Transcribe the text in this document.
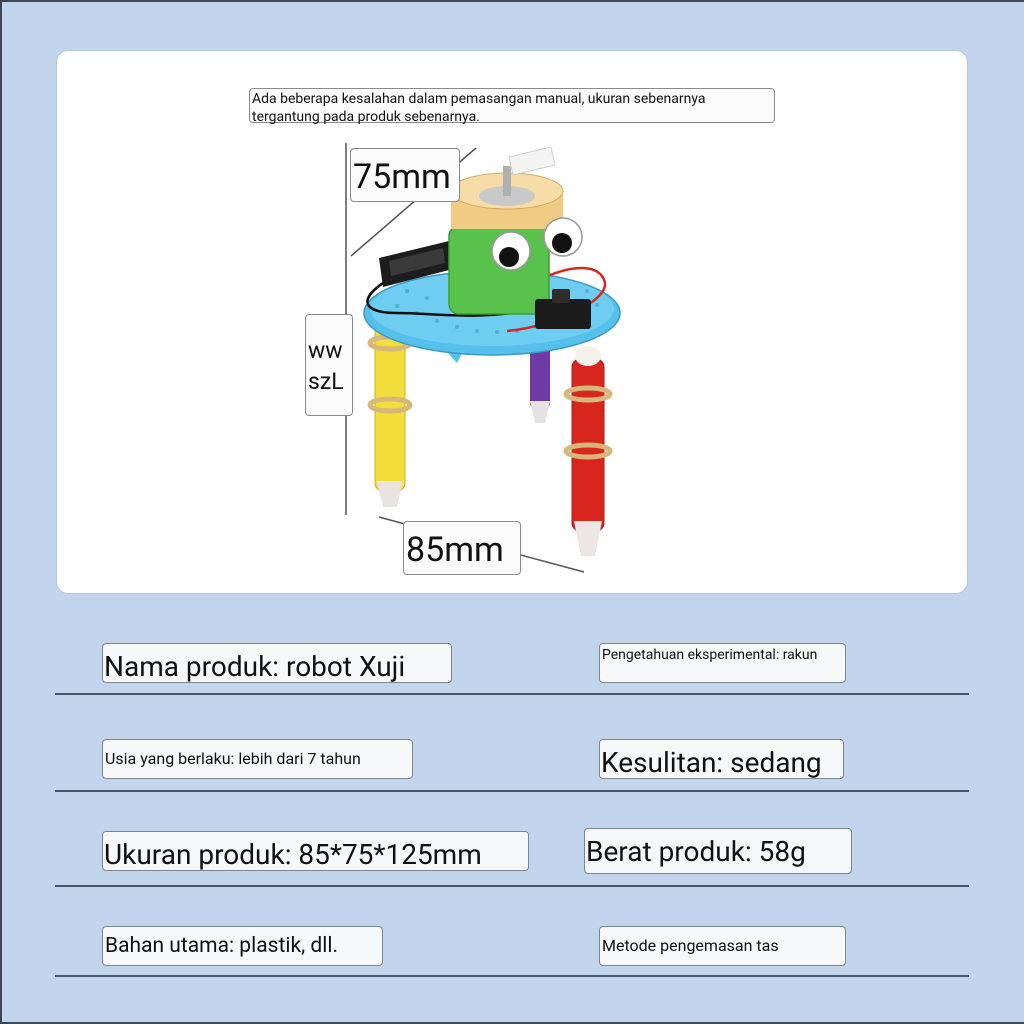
Ada beberapa kesalahan dalam pemasangan manual, ukuran sebenarnya tergantung pada produk sebenarnya.
75mm
ww szL
85mm
Nama produk: robot Xuji	Pengetahuan eksperimental: rakun
Usia yang berlaku: lebih dari 7 tahun	Kesulitan: sedang
Ukuran produk: 85*75*125mm	Berat produk: 58g
Bahan utama: plastik, dll.	Metode pengemasan tas
